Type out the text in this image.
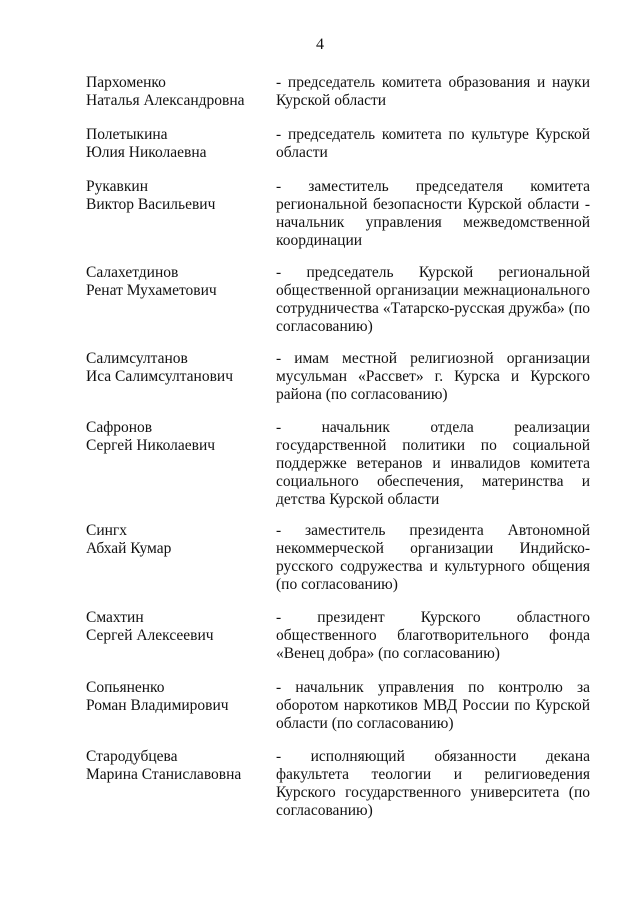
4
Пархоменко
Наталья Александровна
- председатель комитета образования и науки Курской области
Полетыкина
Юлия Николаевна
- председатель комитета по культуре Курской области
Рукавкин
Виктор Васильевич
- заместитель председателя комитета региональной безопасности Курской области - начальник управления межведомственной координации
Салахетдинов
Ренат Мухаметович
- председатель Курской региональной общественной организации межнационального сотрудничества «Татарско-русская дружба» (по согласованию)
Салимсултанов
Иса Салимсултанович
- имам местной религиозной организации мусульман «Рассвет» г. Курска и Курского района (по согласованию)
Сафронов
Сергей Николаевич
- начальник отдела реализации государственной политики по социальной поддержке ветеранов и инвалидов комитета социального обеспечения, материнства и детства Курской области
Сингх
Абхай Кумар
- заместитель президента Автономной некоммерческой организации Индийско-русского содружества и культурного общения (по согласованию)
Смахтин
Сергей Алексеевич
- президент Курского областного общественного благотворительного фонда «Венец добра» (по согласованию)
Сопьяненко
Роман Владимирович
- начальник управления по контролю за оборотом наркотиков МВД России по Курской области (по согласованию)
Стародубцева
Марина Станиславовна
- исполняющий обязанности декана факультета теологии и религиоведения Курского государственного университета (по согласованию)
